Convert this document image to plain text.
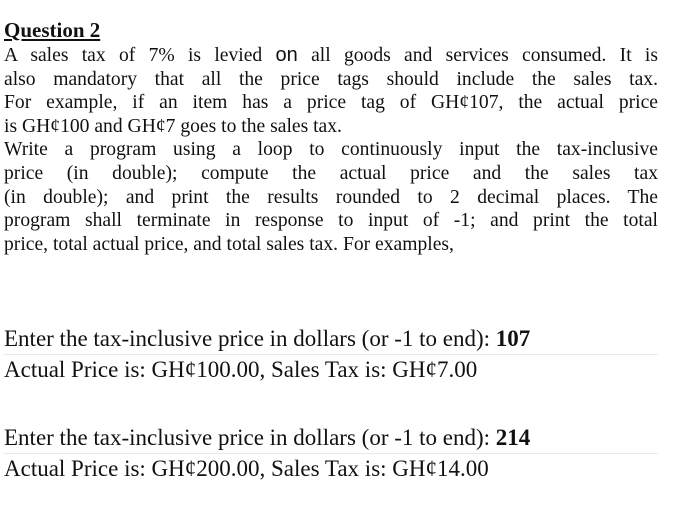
Question 2
A sales tax of 7% is levied on all goods and services consumed. It is
also mandatory that all the price tags should include the sales tax.
For example, if an item has a price tag of GH¢107, the actual price
is GH¢100 and GH¢7 goes to the sales tax.
Write a program using a loop to continuously input the tax-inclusive
price (in double); compute the actual price and the sales tax
(in double); and print the results rounded to 2 decimal places. The
program shall terminate in response to input of -1; and print the total
price, total actual price, and total sales tax. For examples,
Enter the tax-inclusive price in dollars (or -1 to end): 107
Actual Price is: GH¢100.00, Sales Tax is: GH¢7.00
Enter the tax-inclusive price in dollars (or -1 to end): 214
Actual Price is: GH¢200.00, Sales Tax is: GH¢14.00
